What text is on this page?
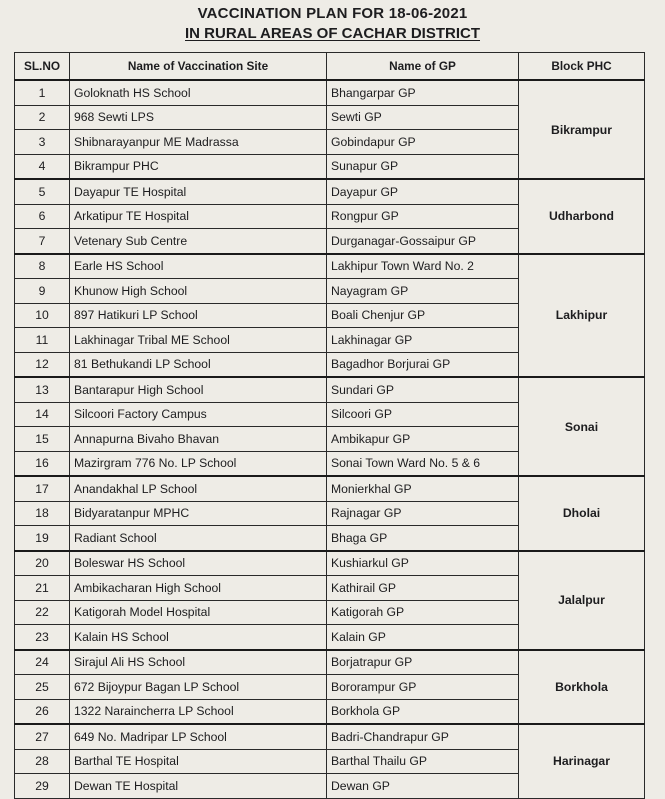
VACCINATION PLAN FOR 18-06-2021
IN RURAL AREAS OF CACHAR DISTRICT
SL.NO	Name of Vaccination Site	Name of GP	Block PHC
1	Goloknath HS School	Bhangarpar GP	Bikrampur
2	968 Sewti LPS	Sewti GP	
3	Shibnarayanpur ME Madrassa	Gobindapur GP	
4	Bikrampur PHC	Sunapur GP	
5	Dayapur TE Hospital	Dayapur GP	Udharbond
6	Arkatipur TE Hospital	Rongpur GP	
7	Vetenary Sub Centre	Durganagar-Gossaipur GP	
8	Earle HS School	Lakhipur Town Ward No. 2	Lakhipur
9	Khunow High School	Nayagram GP	
10	897 Hatikuri LP School	Boali Chenjur GP	
11	Lakhinagar Tribal ME School	Lakhinagar GP	
12	81 Bethukandi LP School	Bagadhor Borjurai GP	
13	Bantarapur High School	Sundari GP	Sonai
14	Silcoori Factory Campus	Silcoori GP	
15	Annapurna Bivaho Bhavan	Ambikapur GP	
16	Mazirgram 776 No. LP School	Sonai Town Ward No. 5 & 6	
17	Anandakhal LP School	Monierkhal GP	Dholai
18	Bidyaratanpur MPHC	Rajnagar GP	
19	Radiant School	Bhaga GP	
20	Boleswar HS School	Kushiarkul GP	Jalalpur
21	Ambikacharan High School	Kathirail GP	
22	Katigorah Model Hospital	Katigorah GP	
23	Kalain HS School	Kalain GP	
24	Sirajul Ali HS School	Borjatrapur GP	Borkhola
25	672 Bijoypur Bagan LP School	Bororampur GP	
26	1322 Naraincherra LP School	Borkhola GP	
27	649 No. Madripar LP School	Badri-Chandrapur GP	Harinagar
28	Barthal TE Hospital	Barthal Thailu GP	
29	Dewan TE Hospital	Dewan GP	
